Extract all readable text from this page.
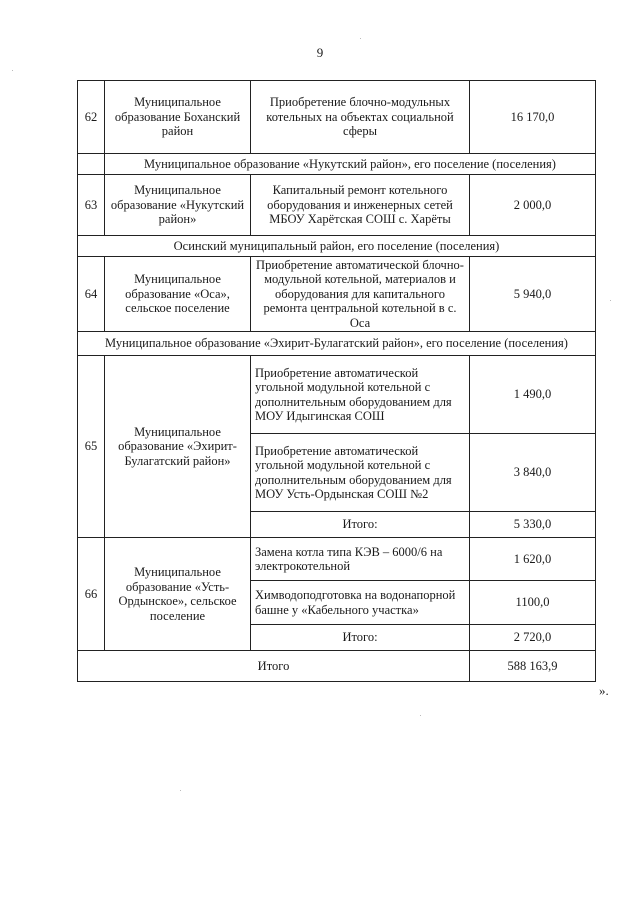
9
62	Муниципальное образование Боханский район	Приобретение блочно-модульных котельных на объектах социальной сферы	16 170,0
	Муниципальное образование «Нукутский район», его поселение (поселения)		
63	Муниципальное образование «Нукутский район»	Капитальный ремонт котельного оборудования и инженерных сетей МБОУ Харётская СОШ с. Харёты	2 000,0
Осинский муниципальный район, его поселение (поселения)			
64	Муниципальное образование «Оса», сельское поселение	Приобретение автоматической блочно-модульной котельной, материалов и оборудования для капитального ремонта центральной котельной в с. Оса	5 940,0
Муниципальное образование «Эхирит-Булагатский район», его поселение (поселения)			
65	Муниципальное образование «Эхирит-Булагатский район»	Приобретение автоматической угольной модульной котельной с дополнительным оборудованием для МОУ Идыгинская СОШ	1 490,0
		Приобретение автоматической угольной модульной котельной с дополнительным оборудованием для МОУ Усть-Ордынская СОШ №2	3 840,0
		Итого:	5 330,0
66	Муниципальное образование «Усть-Ордынское», сельское поселение	Замена котла типа КЭВ – 6000/6 на электрокотельной	1 620,0
		Химводоподготовка на водонапорной башне у «Кабельного участка»	1100,0
		Итого:	2 720,0
Итого			588 163,9
».
